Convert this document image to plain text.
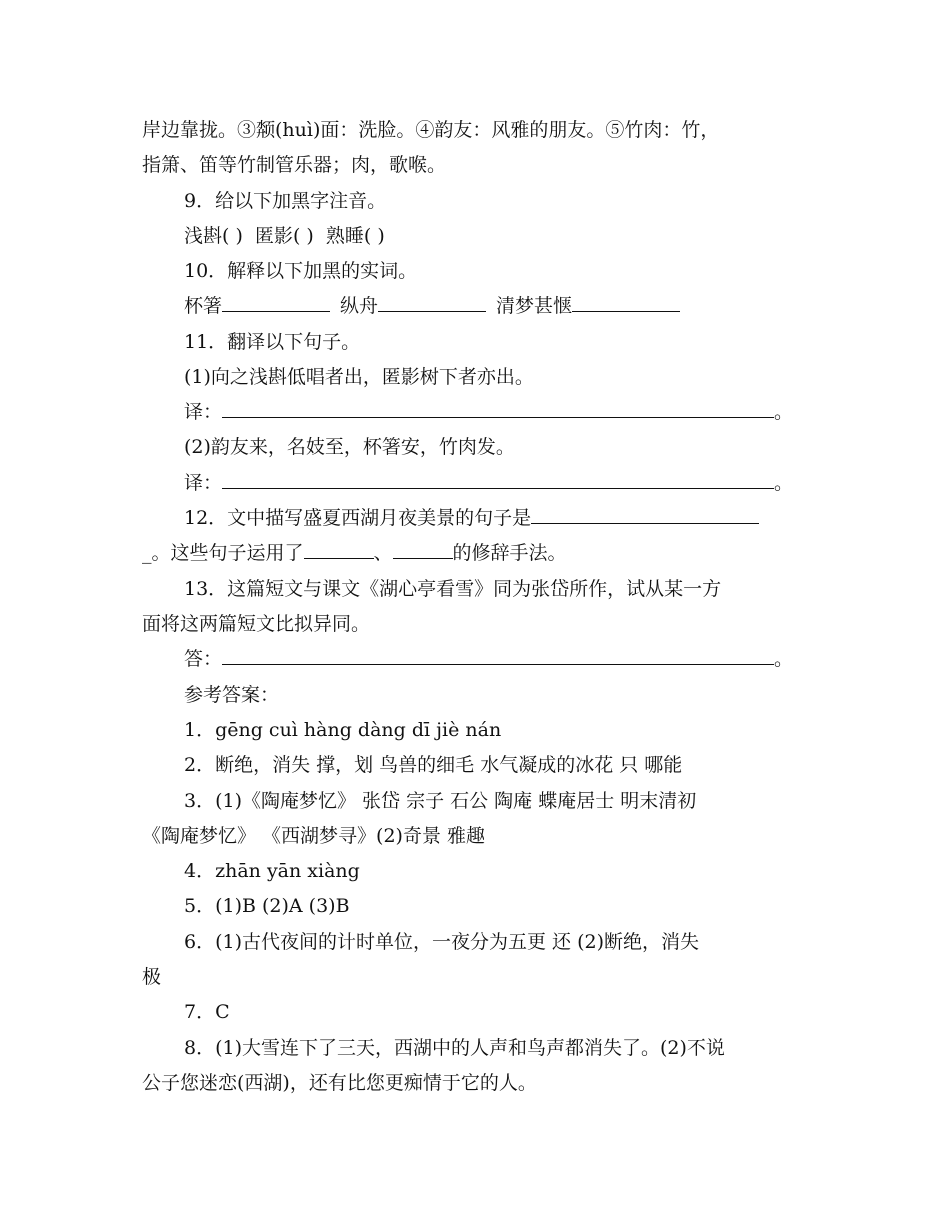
岸边靠拢。③颒(huì)面：洗脸。④韵友：风雅的朋友。⑤竹肉：竹，
指箫、笛等竹制管乐器；肉，歌喉。
9．给以下加黑字注音。
浅斟( )  匿影( )  熟睡( )
10．解释以下加黑的实词。
杯箸	纵舟	清梦甚惬
11．翻译以下句子。
(1)向之浅斟低唱者出，匿影树下者亦出。
译：	。
(2)韵友来，名妓至，杯箸安，竹肉发。
译：	。
12．文中描写盛夏西湖月夜美景的句子是
_。这些句子运用了	、	的修辞手法。
13．这篇短文与课文《湖心亭看雪》同为张岱所作，试从某一方
面将这两篇短文比拟异同。
答：	。
参考答案：
1．gēng cuì hàng dàng dī jiè nán
2．断绝，消失 撑，划 鸟兽的细毛 水气凝成的冰花 只 哪能
3．(1)《陶庵梦忆》 张岱 宗子 石公 陶庵 蝶庵居士 明末清初
《陶庵梦忆》 《西湖梦寻》(2)奇景 雅趣
4．zhān yān xiàng
5．(1)B (2)A (3)B
6．(1)古代夜间的计时单位，一夜分为五更 还 (2)断绝，消失
极
7．C
8．(1)大雪连下了三天，西湖中的人声和鸟声都消失了。(2)不说
公子您迷恋(西湖)，还有比您更痴情于它的人。
